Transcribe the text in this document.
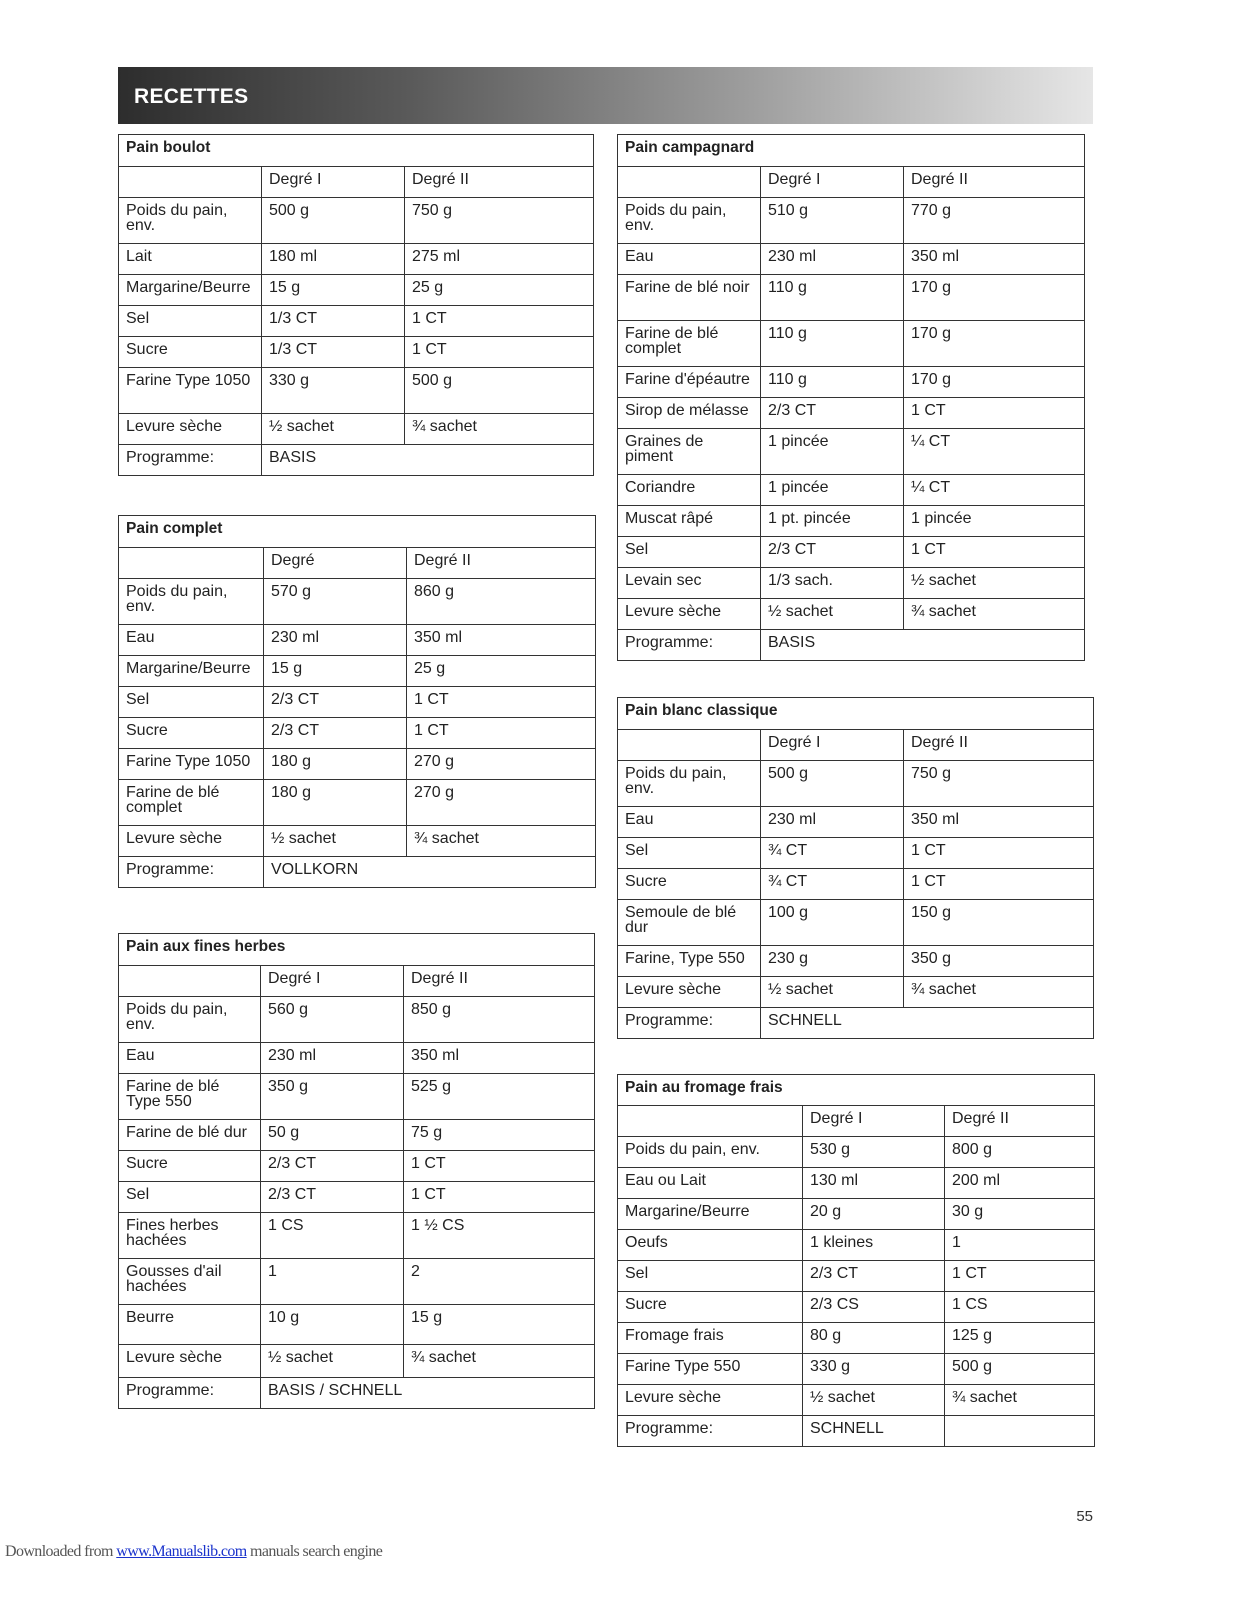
RECETTES
Pain boulot		
	Degré I	Degré II
Poids du pain, env.	500 g	750 g
Lait	180 ml	275 ml
Margarine/Beurre	15 g	25 g
Sel	1/3 CT	1 CT
Sucre	1/3 CT	1 CT
Farine Type 1050	330 g	500 g
Levure sèche	½ sachet	¾ sachet
Programme:	BASIS	
Pain complet		
	Degré	Degré II
Poids du pain, env.	570 g	860 g
Eau	230 ml	350 ml
Margarine/Beurre	15 g	25 g
Sel	2/3 CT	1 CT
Sucre	2/3 CT	1 CT
Farine Type 1050	180 g	270 g
Farine de blé complet	180 g	270 g
Levure sèche	½ sachet	¾ sachet
Programme:	VOLLKORN	
Pain aux fines herbes		
	Degré I	Degré II
Poids du pain, env.	560 g	850 g
Eau	230 ml	350 ml
Farine de blé Type 550	350 g	525 g
Farine de blé dur	50 g	75 g
Sucre	2/3 CT	1 CT
Sel	2/3 CT	1 CT
Fines herbes hachées	1 CS	1 ½ CS
Gousses d'ail hachées	1	2
Beurre	10 g	15 g
Levure sèche	½ sachet	¾ sachet
Programme:	BASIS / SCHNELL	
Pain campagnard		
	Degré I	Degré II
Poids du pain, env.	510 g	770 g
Eau	230 ml	350 ml
Farine de blé noir	110 g	170 g
Farine de blé complet	110 g	170 g
Farine d'épéautre	110 g	170 g
Sirop de mélasse	2/3 CT	1 CT
Graines de piment	1 pincée	¼ CT
Coriandre	1 pincée	¼ CT
Muscat râpé	1 pt. pincée	1 pincée
Sel	2/3 CT	1 CT
Levain sec	1/3 sach.	½ sachet
Levure sèche	½ sachet	¾ sachet
Programme:	BASIS	
Pain blanc classique		
	Degré I	Degré II
Poids du pain, env.	500 g	750 g
Eau	230 ml	350 ml
Sel	¾ CT	1 CT
Sucre	¾ CT	1 CT
Semoule de blé dur	100 g	150 g
Farine, Type 550	230 g	350 g
Levure sèche	½ sachet	¾ sachet
Programme:	SCHNELL	
Pain au fromage frais		
	Degré I	Degré II
Poids du pain, env.	530 g	800 g
Eau ou Lait	130 ml	200 ml
Margarine/Beurre	20 g	30 g
Oeufs	1 kleines	1
Sel	2/3 CT	1 CT
Sucre	2/3 CS	1 CS
Fromage frais	80 g	125 g
Farine Type 550	330 g	500 g
Levure sèche	½ sachet	¾ sachet
Programme:	SCHNELL	
55
Downloaded from www.Manualslib.com manuals search engine
